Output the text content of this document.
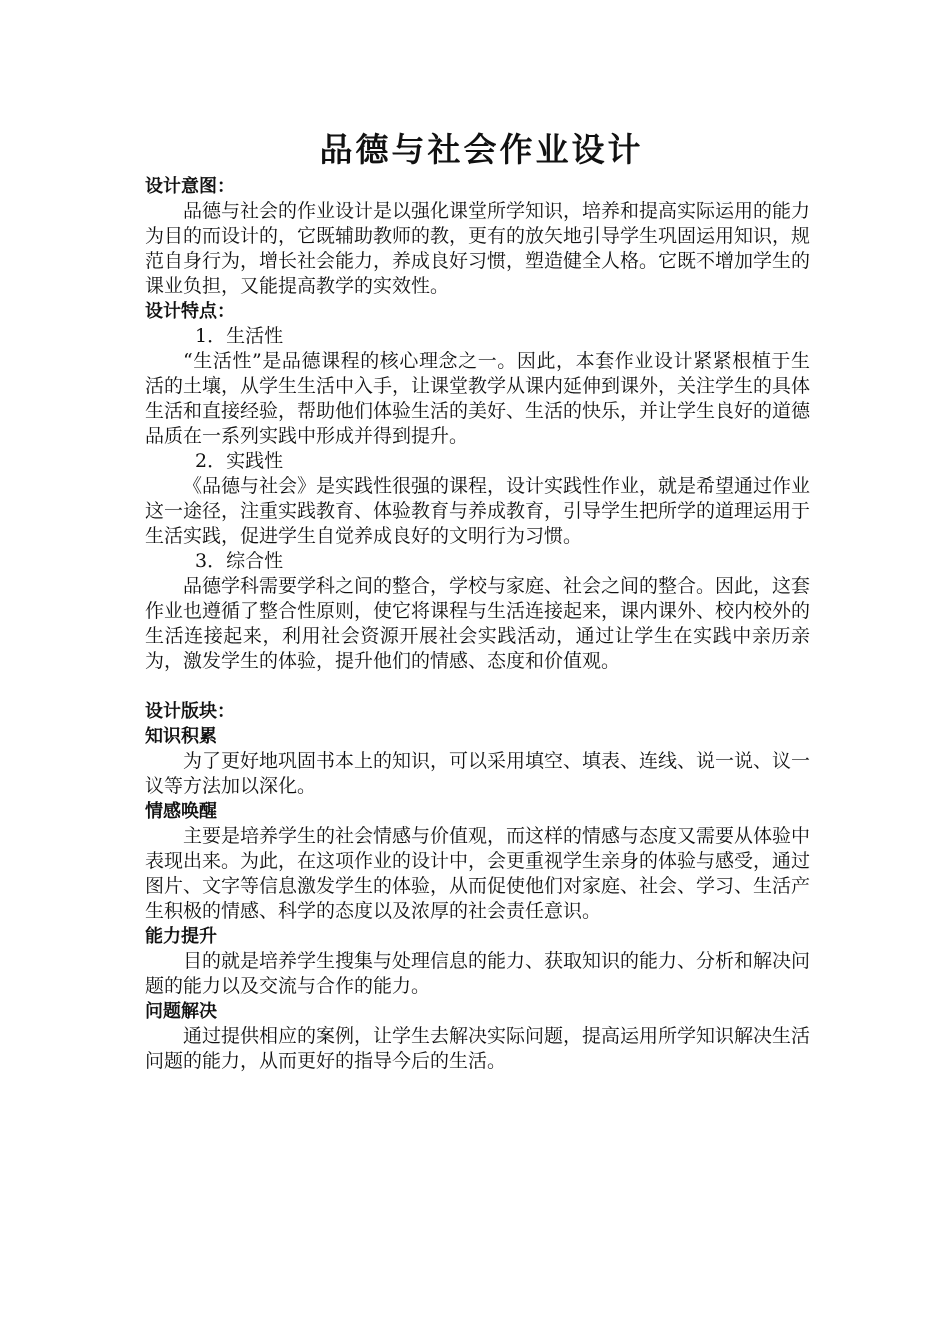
品德与社会作业设计

设计意图：

品德与社会的作业设计是以强化课堂所学知识，培养和提高实际运用的能力为目的而设计的，它既辅助教师的教，更有的放矢地引导学生巩固运用知识，规范自身行为，增长社会能力，养成良好习惯，塑造健全人格。它既不增加学生的课业负担，又能提高教学的实效性。

设计特点：

1．生活性

“生活性”是品德课程的核心理念之一。因此，本套作业设计紧紧根植于生活的土壤，从学生生活中入手，让课堂教学从课内延伸到课外，关注学生的具体生活和直接经验，帮助他们体验生活的美好、生活的快乐，并让学生良好的道德品质在一系列实践中形成并得到提升。

2．实践性

《品德与社会》是实践性很强的课程，设计实践性作业，就是希望通过作业这一途径，注重实践教育、体验教育与养成教育，引导学生把所学的道理运用于生活实践，促进学生自觉养成良好的文明行为习惯。

3．综合性

品德学科需要学科之间的整合，学校与家庭、社会之间的整合。因此，这套作业也遵循了整合性原则，使它将课程与生活连接起来，课内课外、校内校外的生活连接起来，利用社会资源开展社会实践活动，通过让学生在实践中亲历亲为，激发学生的体验，提升他们的情感、态度和价值观。

设计版块：

知识积累

为了更好地巩固书本上的知识，可以采用填空、填表、连线、说一说、议一议等方法加以深化。

情感唤醒

主要是培养学生的社会情感与价值观，而这样的情感与态度又需要从体验中表现出来。为此，在这项作业的设计中，会更重视学生亲身的体验与感受，通过图片、文字等信息激发学生的体验，从而促使他们对家庭、社会、学习、生活产生积极的情感、科学的态度以及浓厚的社会责任意识。

能力提升

目的就是培养学生搜集与处理信息的能力、获取知识的能力、分析和解决问题的能力以及交流与合作的能力。

问题解决

通过提供相应的案例，让学生去解决实际问题，提高运用所学知识解决生活问题的能力，从而更好的指导今后的生活。
